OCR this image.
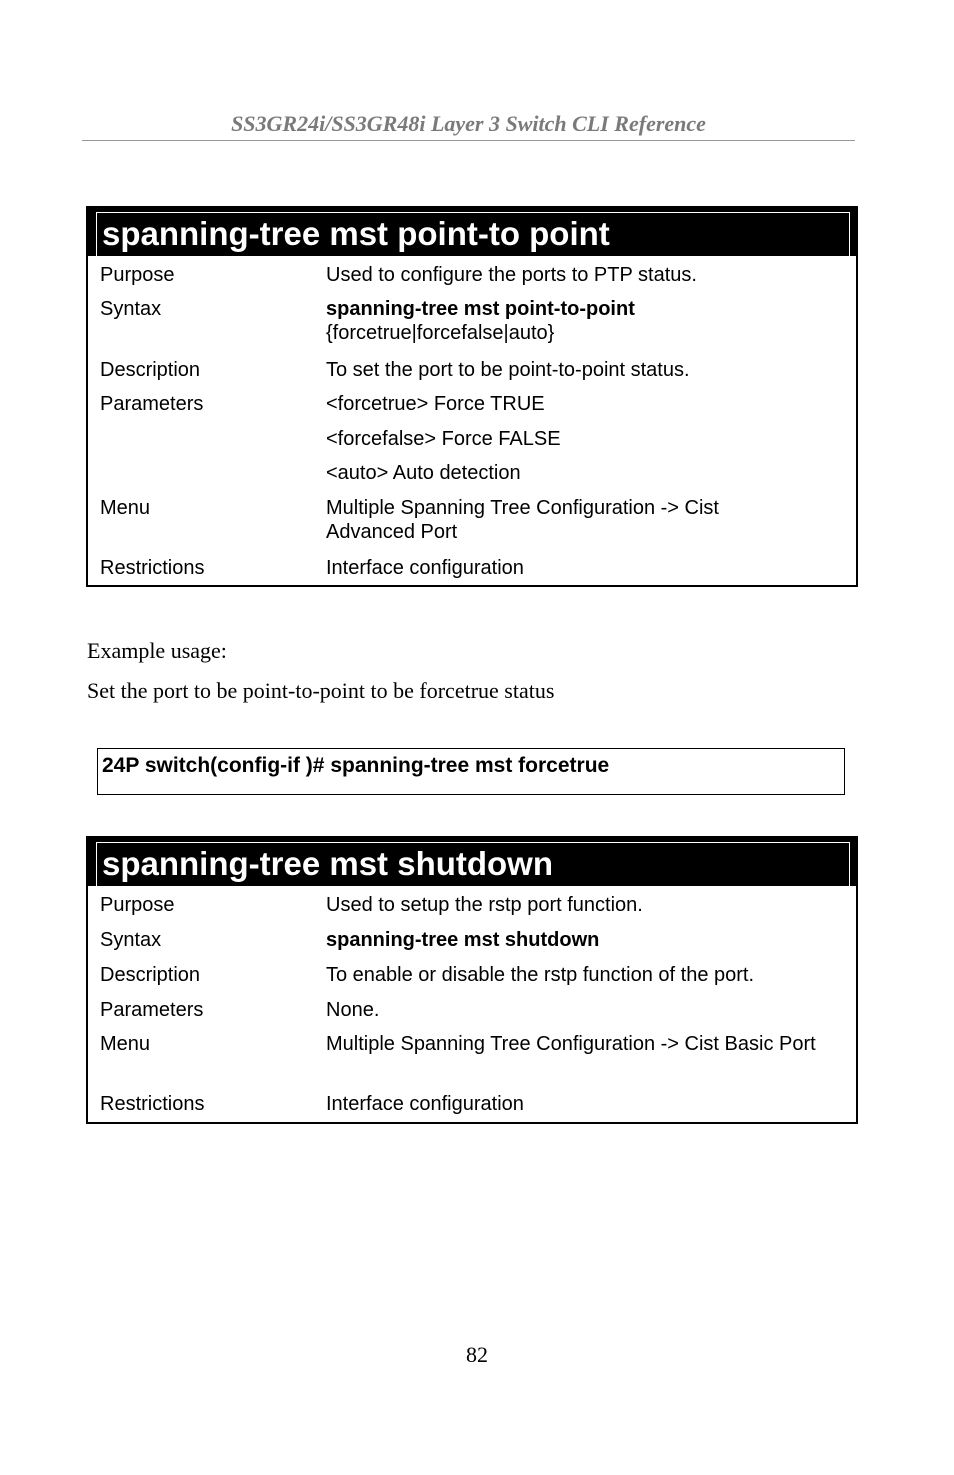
SS3GR24i/SS3GR48i Layer 3 Switch CLI Reference
spanning-tree mst point-to point
Purpose	Used to configure the ports to PTP status.
Syntax	spanning-tree mst point-to-point
{forcetrue|forcefalse|auto}
Description	To set the port to be point-to-point status.
Parameters	<forcetrue> Force TRUE
<forcefalse> Force FALSE
<auto> Auto detection
Menu	Multiple Spanning Tree Configuration -> Cist Advanced Port
Restrictions	Interface configuration
Example usage:
Set the port to be point-to-point to be forcetrue status
24P switch(config-if )# spanning-tree mst forcetrue
spanning-tree mst shutdown
Purpose	Used to setup the rstp port function.
Syntax	spanning-tree mst shutdown
Description	To enable or disable the rstp function of the port.
Parameters	None.
Menu	Multiple Spanning Tree Configuration -> Cist Basic Port
Restrictions	Interface configuration
82
